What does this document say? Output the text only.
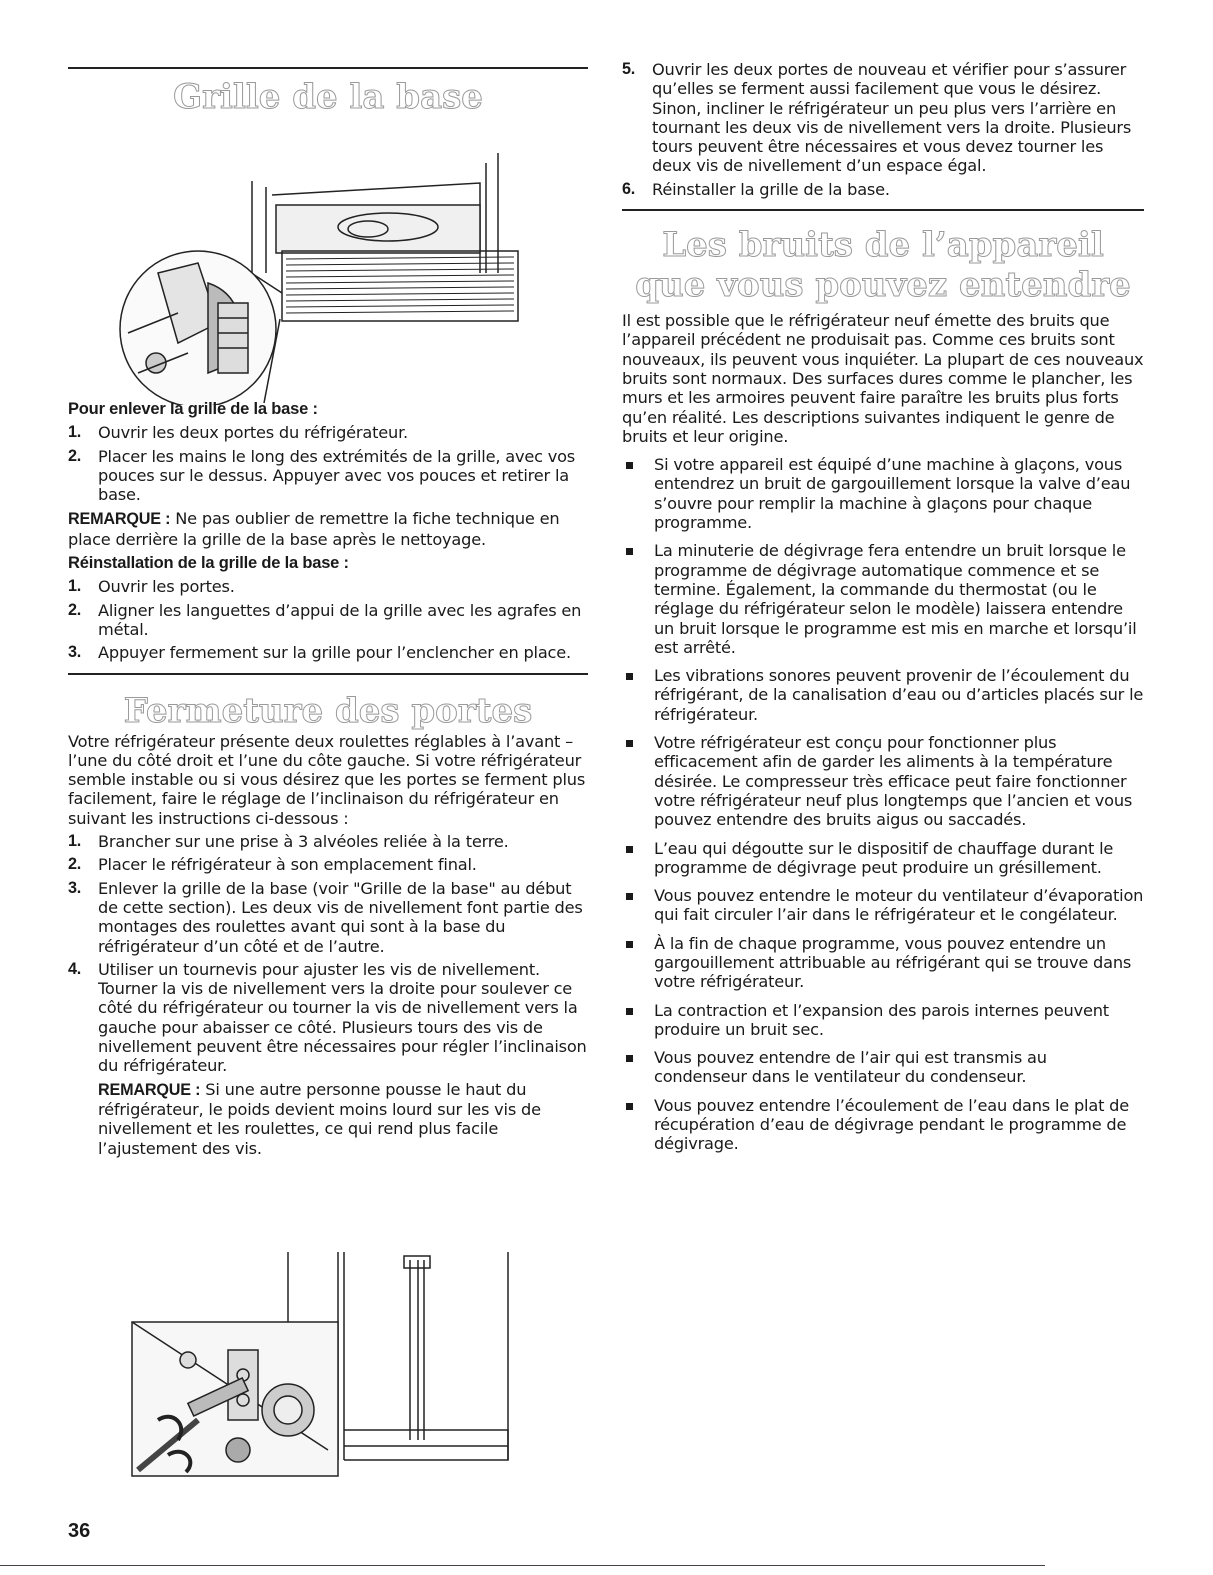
Grille de la base

Pour enlever la grille de la base :

1. Ouvrir les deux portes du réfrigérateur.
2. Placer les mains le long des extrémités de la grille, avec vos pouces sur le dessus. Appuyer avec vos pouces et retirer la base.

REMARQUE : Ne pas oublier de remettre la fiche technique en place derrière la grille de la base après le nettoyage.

Réinstallation de la grille de la base :

1. Ouvrir les portes.
2. Aligner les languettes d’appui de la grille avec les agrafes en métal.
3. Appuyer fermement sur la grille pour l’enclencher en place.
Fermeture des portes

Votre réfrigérateur présente deux roulettes réglables à l’avant – l’une du côté droit et l’une du côte gauche. Si votre réfrigérateur semble instable ou si vous désirez que les portes se ferment plus facilement, faire le réglage de l’inclinaison du réfrigérateur en suivant les instructions ci-dessous :

1. Brancher sur une prise à 3 alvéoles reliée à la terre.
2. Placer le réfrigérateur à son emplacement final.
3. Enlever la grille de la base (voir "Grille de la base" au début de cette section). Les deux vis de nivellement font partie des montages des roulettes avant qui sont à la base du réfrigérateur d’un côté et de l’autre.
4. Utiliser un tournevis pour ajuster les vis de nivellement. Tourner la vis de nivellement vers la droite pour soulever ce côté du réfrigérateur ou tourner la vis de nivellement vers la gauche pour abaisser ce côté. Plusieurs tours des vis de nivellement peuvent être nécessaires pour régler l’inclinaison du réfrigérateur.

REMARQUE : Si une autre personne pousse le haut du réfrigérateur, le poids devient moins lourd sur les vis de nivellement et les roulettes, ce qui rend plus facile l’ajustement des vis.

5. Ouvrir les deux portes de nouveau et vérifier pour s’assurer qu’elles se ferment aussi facilement que vous le désirez. Sinon, incliner le réfrigérateur un peu plus vers l’arrière en tournant les deux vis de nivellement vers la droite. Plusieurs tours peuvent être nécessaires et vous devez tourner les deux vis de nivellement d’un espace égal.
6. Réinstaller la grille de la base.
Les bruits de l’appareil que vous pouvez entendre

Il est possible que le réfrigérateur neuf émette des bruits que l’appareil précédent ne produisait pas. Comme ces bruits sont nouveaux, ils peuvent vous inquiéter. La plupart de ces nouveaux bruits sont normaux. Des surfaces dures comme le plancher, les murs et les armoires peuvent faire paraître les bruits plus forts qu’en réalité. Les descriptions suivantes indiquent le genre de bruits et leur origine.

Si votre appareil est équipé d’une machine à glaçons, vous entendrez un bruit de gargouillement lorsque la valve d’eau s’ouvre pour remplir la machine à glaçons pour chaque programme.
La minuterie de dégivrage fera entendre un bruit lorsque le programme de dégivrage automatique commence et se termine. Également, la commande du thermostat (ou le réglage du réfrigérateur selon le modèle) laissera entendre un bruit lorsque le programme est mis en marche et lorsqu’il est arrêté.
Les vibrations sonores peuvent provenir de l’écoulement du réfrigérant, de la canalisation d’eau ou d’articles placés sur le réfrigérateur.
Votre réfrigérateur est conçu pour fonctionner plus efficacement afin de garder les aliments à la température désirée. Le compresseur très efficace peut faire fonctionner votre réfrigérateur neuf plus longtemps que l’ancien et vous pouvez entendre des bruits aigus ou saccadés.
L’eau qui dégoutte sur le dispositif de chauffage durant le programme de dégivrage peut produire un grésillement.
Vous pouvez entendre le moteur du ventilateur d’évaporation qui fait circuler l’air dans le réfrigérateur et le congélateur.
À la fin de chaque programme, vous pouvez entendre un gargouillement attribuable au réfrigérant qui se trouve dans votre réfrigérateur.
La contraction et l’expansion des parois internes peuvent produire un bruit sec.
Vous pouvez entendre de l’air qui est transmis au condenseur dans le ventilateur du condenseur.
Vous pouvez entendre l’écoulement de l’eau dans le plat de récupération d’eau de dégivrage pendant le programme de dégivrage.
36
